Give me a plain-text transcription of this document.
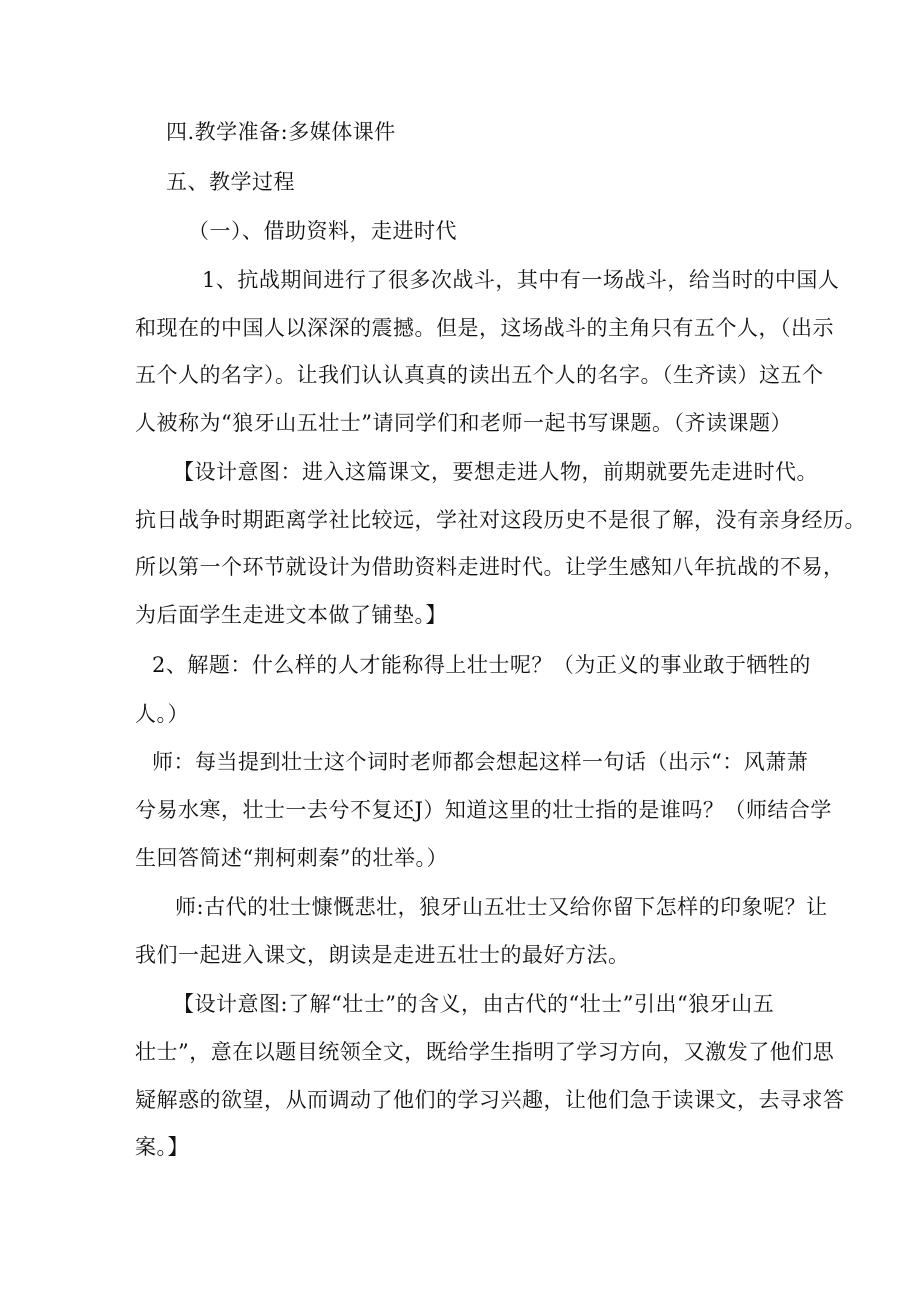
四.教学准备:多媒体课件
五、教学过程
（一）、借助资料，走进时代
1、抗战期间进行了很多次战斗，其中有一场战斗，给当时的中国人
和现在的中国人以深深的震撼。但是，这场战斗的主角只有五个人，（出示
五个人的名字）。让我们认认真真的读出五个人的名字。（生齐读）这五个
人被称为“狼牙山五壮士”请同学们和老师一起书写课题。（齐读课题）
【设计意图：进入这篇课文，要想走进人物，前期就要先走进时代。
抗日战争时期距离学社比较远，学社对这段历史不是很了解，没有亲身经历。
所以第一个环节就设计为借助资料走进时代。让学生感知八年抗战的不易，
为后面学生走进文本做了铺垫。】
2、解题：什么样的人才能称得上壮士呢？（为正义的事业敢于牺牲的
人。）
师：每当提到壮士这个词时老师都会想起这样一句话（出示“：风萧萧
兮易水寒，壮士一去兮不复还J）知道这里的壮士指的是谁吗？（师结合学
生回答简述“荆柯刺秦”的壮举。）
师:古代的壮士慷慨悲壮，狼牙山五壮士又给你留下怎样的印象呢？让
我们一起进入课文，朗读是走进五壮士的最好方法。
【设计意图:了解“壮士”的含义，由古代的“壮士”引出“狼牙山五
壮士”，意在以题目统领全文，既给学生指明了学习方向，又激发了他们思
疑解惑的欲望，从而调动了他们的学习兴趣，让他们急于读课文，去寻求答
案。】
